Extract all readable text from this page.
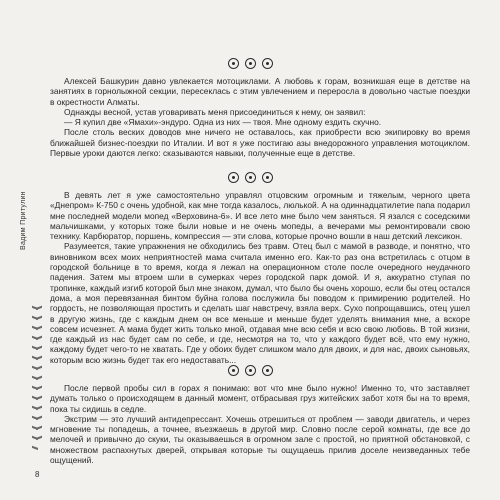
Алексей Башкурин давно увлекается мотоциклами. А любовь к горам, возникшая еще в детстве на занятиях в горнолыжной секции, пересеклась с этим увлечением и переросла в довольно частые поездки в окрестности Алматы.

Однажды весной, устав уговаривать меня присоединиться к нему, он заявил:

— Я купил две «Ямахи»-эндуро. Одна из них — твоя. Мне одному ездить скучно.

После столь веских доводов мне ничего не оставалось, как приобрести всю экипировку во время ближайшей бизнес-поездки по Италии. И вот я уже постигаю азы внедорожного управления мотоциклом. Первые уроки даются легко: сказываются навыки, полученные еще в детстве.

В девять лет я уже самостоятельно управлял отцовским огромным и тяжелым, черного цвета «Днепром» К-750 с очень удобной, как мне тогда казалось, люлькой. А на одиннадцатилетие папа подарил мне последней модели мопед «Верховина-6». И все лето мне было чем заняться. Я язался с соседскими мальчишками, у которых тоже были новые и не очень мопеды, а вечерами мы ремонтировали свою технику. Карбюратор, поршень, компрессия — эти слова, которые прочно вошли в наш детский лексикон.

Разумеется, такие упражнения не обходились без травм. Отец был с мамой в разводе, и понятно, что виновником всех моих неприятностей мама считала именно его. Как-то раз она встретилась с отцом в городской больнице в то время, когда я лежал на операционном столе после очередного неудачного падения. Затем мы втроем шли в сумерках через городской парк домой. И я, аккуратно ступая по тропинке, каждый изгиб которой был мне знаком, думал, что было бы очень хорошо, если бы отец остался дома, а моя перевязанная бинтом буйна голова послужила бы поводом к примирению родителей. Но гордость, не позволяющая простить и сделать шаг навстречу, взяла верх. Сухо попрощавшись, отец ушел в другую жизнь, где с каждым днем он все меньше и меньше будет уделять внимания мне, а вскоре совсем исчезнет. А мама будет жить только мной, отдавая мне всю себя и всю свою любовь. В той жизни, где каждый из нас будет сам по себе, и где, несмотря на то, что у каждого будет всё, что ему нужно, каждому будет чего-то не хватать. Где у обоих будет слишком мало для двоих, и для нас, двоих сыновьях, которым всю жизнь будет так его недоставать...

После первой пробы сил в горах я понимаю: вот что мне было нужно! Именно то, что заставляет думать только о происходящем в данный момент, отбрасывая груз житейских забот хотя бы на то время, пока ты сидишь в седле.

Экстрим — это лучший антидепрессант. Хочешь отрешиться от проблем — заводи двигатель, и через мгновение ты попадешь, а точнее, въезжаешь в другой мир. Словно после серой комнаты, где все до мелочей и привычно до скуки, ты оказываешься в огромном зале с простой, но приятной обстановкой, с множеством распахнутых дверей, открывая которые ты ощущаешь прилив доселе неизведанных тебе ощущений.

Вадим Притулин
8
